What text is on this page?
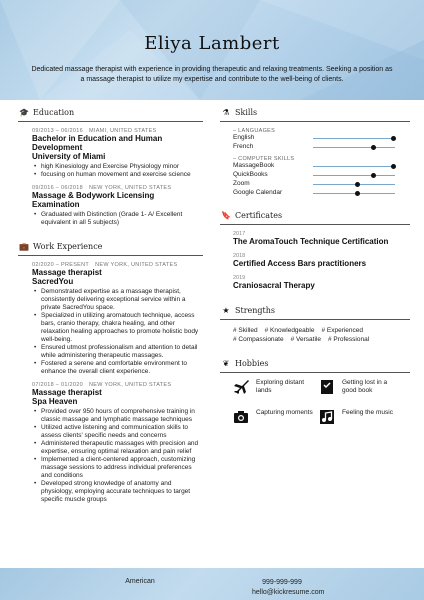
Eliya Lambert
Dedicated massage therapist with experience in providing therapeutic and relaxing treatments. Seeking a position as a massage therapist to utilize my expertise and contribute to the well-being of clients.
🎓 Education
09/2013 – 06/2016 MIAMI, UNITED STATES
Bachelor in Education and Human Development
University of Miami
• high Kinesiology and Exercise Physiology minor
• focusing on human movement and exercise science
09/2016 – 06/2018 NEW YORK, UNITED STATES
Massage & Bodywork Licensing Examination
• Graduated with Distinction (Grade 1- A/ Excellent equivalent in all 5 subjects)
💼 Work Experience
02/2020 – PRESENT NEW YORK, UNITED STATES
Massage therapist
SacredYou
• Demonstrated expertise as a massage therapist, consistently delivering exceptional service within a private SacredYou space.
• Specialized in utilizing aromatouch technique, access bars, cranio therapy, chakra healing, and other relaxation healing approaches to promote holistic body well-being.
• Ensured utmost professionalism and attention to detail while administering therapeutic massages.
• Fostered a serene and comfortable environment to enhance the overall client experience.
07/2018 – 01/2020 NEW YORK, UNITED STATES
Massage therapist
Spa Heaven
• Provided over 950 hours of comprehensive training in classic massage and lymphatic massage techniques
• Utilized active listening and communication skills to assess clients' specific needs and concerns
• Administered therapeutic massages with precision and expertise, ensuring optimal relaxation and pain relief
• Implemented a client-centered approach, customizing massage sessions to address individual preferences and conditions
• Developed strong knowledge of anatomy and physiology, employing accurate techniques to target specific muscle groups
⚗ Skills
– LANGUAGES
English
French
– COMPUTER SKILLS
MassageBook
QuickBooks
Zoom
Google Calendar
🔖 Certificates
2017
The AromaTouch Technique Certification
2018
Certified Access Bars practitioners
2019
Craniosacral Therapy
★ Strengths
# Skilled # Knowledgeable # Experienced
# Compassionate # Versatile # Professional
❦ Hobbies
Exploring distant lands
Getting lost in a good book
Capturing moments	Feeling the music
American	999-999-999
hello@kickresume.com
